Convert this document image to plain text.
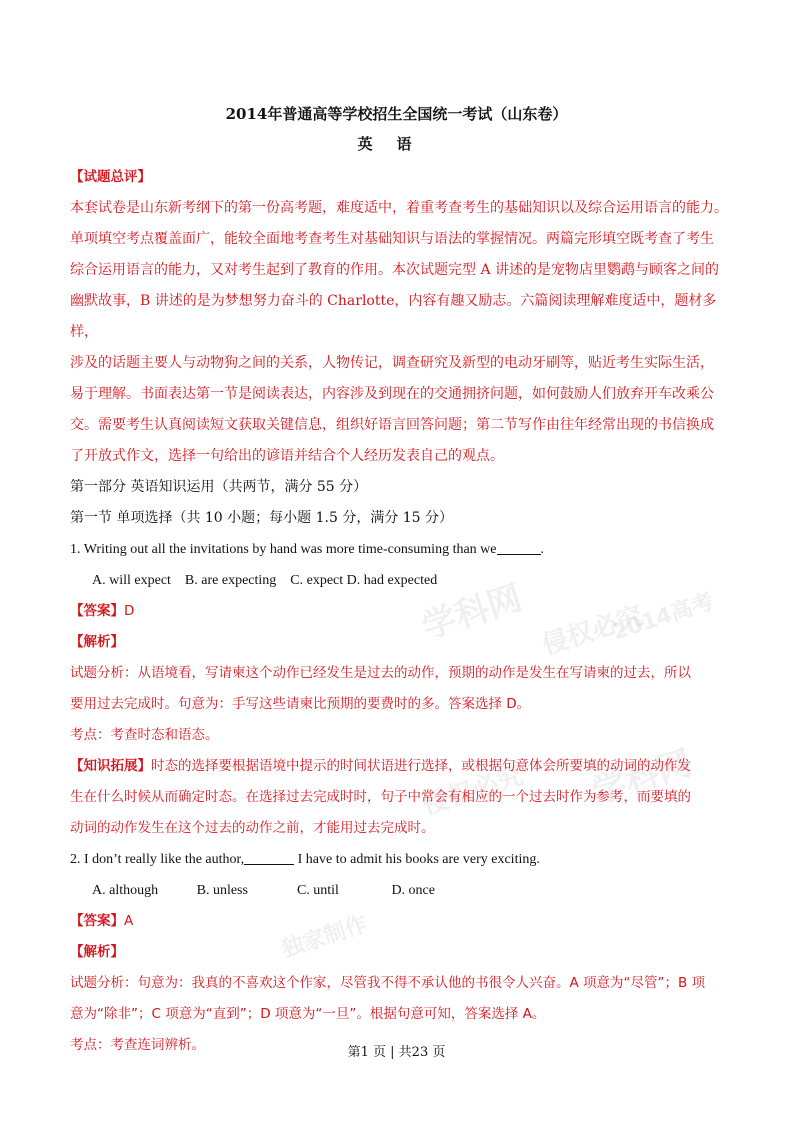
学科网	2014高考
侵权必究
学科网
侵权必究
独家制作
2014年普通高等学校招生全国统一考试（山东卷）
英语

【试题总评】

本套试卷是山东新考纲下的第一份高考题，难度适中，着重考查考生的基础知识以及综合运用语言的能力。

单项填空考点覆盖面广，能较全面地考查考生对基础知识与语法的掌握情况。两篇完形填空既考查了考生

综合运用语言的能力，又对考生起到了教育的作用。本次试题完型 A 讲述的是宠物店里鹦鹉与顾客之间的

幽默故事，B 讲述的是为梦想努力奋斗的 Charlotte，内容有趣又励志。六篇阅读理解难度适中，题材多样，

涉及的话题主要人与动物狗之间的关系，人物传记，调查研究及新型的电动牙刷等，贴近考生实际生活，

易于理解。书面表达第一节是阅读表达，内容涉及到现在的交通拥挤问题，如何鼓励人们放弃开车改乘公

交。需要考生认真阅读短文获取关键信息，组织好语言回答问题；第二节写作由往年经常出现的书信换成

了开放式作文，选择一句给出的谚语并结合个人经历发表自己的观点。

第一部分 英语知识运用（共两节，满分 55 分）

第一节 单项选择（共 10 小题；每小题 1.5 分，满分 15 分）

1. Writing out all the invitations by hand was more time-consuming than we	.

A. will expect    B. are expecting    C. expect D. had expected

【答案】D

【解析】

试题分析：从语境看，写请柬这个动作已经发生是过去的动作，预期的动作是发生在写请柬的过去，所以

要用过去完成时。句意为：手写这些请柬比预期的要费时的多。答案选择 D。

考点：考查时态和语态。

【知识拓展】时态的选择要根据语境中提示的时间状语进行选择，或根据句意体会所要填的动词的动作发

生在什么时候从而确定时态。在选择过去完成时时，句子中常会有相应的一个过去时作为参考，而要填的

动词的动作发生在这个过去的动作之前，才能用过去完成时。

2. I don’t really like the author,	I have to admit his books are very exciting.

A. although           B. unless              C. until               D. once

【答案】A

【解析】

试题分析：句意为：我真的不喜欢这个作家，尽管我不得不承认他的书很令人兴奋。A 项意为“尽管”；B 项

意为“除非”；C 项意为“直到”；D 项意为“一旦”。根据句意可知，答案选择 A。

考点：考查连词辨析。	第1 页 | 共23 页
